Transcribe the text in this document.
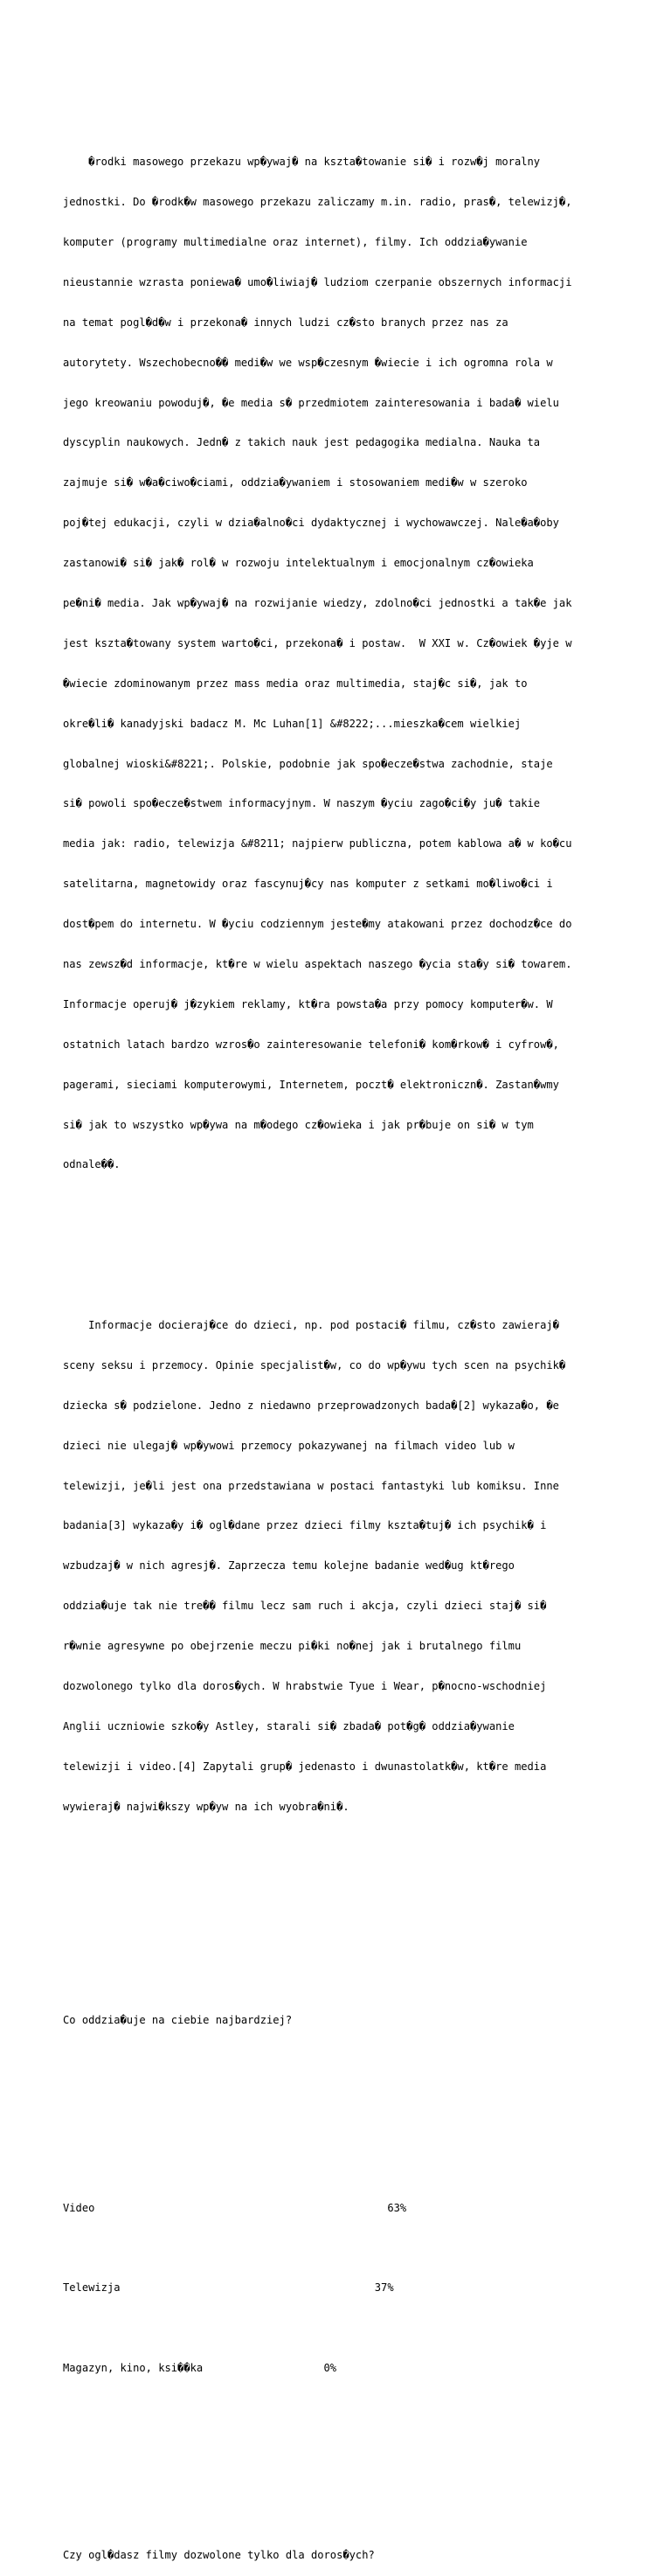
�rodki masowego przekazu wp�ywaj� na kszta�towanie si� i rozw�j moralny

jednostki. Do �rodk�w masowego przekazu zaliczamy m.in. radio, pras�, telewizj�,

komputer (programy multimedialne oraz internet), filmy. Ich oddzia�ywanie

nieustannie wzrasta poniewa� umo�liwiaj� ludziom czerpanie obszernych informacji

na temat pogl�d�w i przekona� innych ludzi cz�sto branych przez nas za

autorytety. Wszechobecno�� medi�w we wsp�czesnym �wiecie i ich ogromna rola w

jego kreowaniu powoduj�, �e media s� przedmiotem zainteresowania i bada� wielu

dyscyplin naukowych. Jedn� z takich nauk jest pedagogika medialna. Nauka ta

zajmuje si� w�a�ciwo�ciami, oddzia�ywaniem i stosowaniem medi�w w szeroko

poj�tej edukacji, czyli w dzia�alno�ci dydaktycznej i wychowawczej. Nale�a�oby

zastanowi� si� jak� rol� w rozwoju intelektualnym i emocjonalnym cz�owieka

pe�ni� media. Jak wp�ywaj� na rozwijanie wiedzy, zdolno�ci jednostki a tak�e jak

jest kszta�towany system warto�ci, przekona� i postaw.  W XXI w. Cz�owiek �yje w

�wiecie zdominowanym przez mass media oraz multimedia, staj�c si�, jak to

okre�li� kanadyjski badacz M. Mc Luhan[1] &#8222;...mieszka�cem wielkiej

globalnej wioski&#8221;. Polskie, podobnie jak spo�ecze�stwa zachodnie, staje

si� powoli spo�ecze�stwem informacyjnym. W naszym �yciu zago�ci�y ju� takie

media jak: radio, telewizja &#8211; najpierw publiczna, potem kablowa a� w ko�cu

satelitarna, magnetowidy oraz fascynuj�cy nas komputer z setkami mo�liwo�ci i

dost�pem do internetu. W �yciu codziennym jeste�my atakowani przez dochodz�ce do

nas zewsz�d informacje, kt�re w wielu aspektach naszego �ycia sta�y si� towarem.

Informacje operuj� j�zykiem reklamy, kt�ra powsta�a przy pomocy komputer�w. W

ostatnich latach bardzo wzros�o zainteresowanie telefoni� kom�rkow� i cyfrow�,

pagerami, sieciami komputerowymi, Internetem, poczt� elektroniczn�. Zastan�wmy

si� jak to wszystko wp�ywa na m�odego cz�owieka i jak pr�buje on si� w tym

odnale��.

Informacje docieraj�ce do dzieci, np. pod postaci� filmu, cz�sto zawieraj�

sceny seksu i przemocy. Opinie specjalist�w, co do wp�ywu tych scen na psychik�

dziecka s� podzielone. Jedno z niedawno przeprowadzonych bada�[2] wykaza�o, �e

dzieci nie ulegaj� wp�ywowi przemocy pokazywanej na filmach video lub w

telewizji, je�li jest ona przedstawiana w postaci fantastyki lub komiksu. Inne

badania[3] wykaza�y i� ogl�dane przez dzieci filmy kszta�tuj� ich psychik� i

wzbudzaj� w nich agresj�. Zaprzecza temu kolejne badanie wed�ug kt�rego

oddzia�uje tak nie tre�� filmu lecz sam ruch i akcja, czyli dzieci staj� si�

r�wnie agresywne po obejrzenie meczu pi�ki no�nej jak i brutalnego filmu

dozwolonego tylko dla doros�ych. W hrabstwie Tyue i Wear, p�nocno-wschodniej

Anglii uczniowie szko�y Astley, starali si� zbada� pot�g� oddzia�ywanie

telewizji i video.[4] Zapytali grup� jedenasto i dwunastolatk�w, kt�re media

wywieraj� najwi�kszy wp�yw na ich wyobra�ni�.

Co oddzia�uje na ciebie najbardziej?

Video                                              63%

Telewizja                                        37%

Magazyn, kino, ksi��ka                   0%

Czy ogl�dasz filmy dozwolone tylko dla doros�ych?
